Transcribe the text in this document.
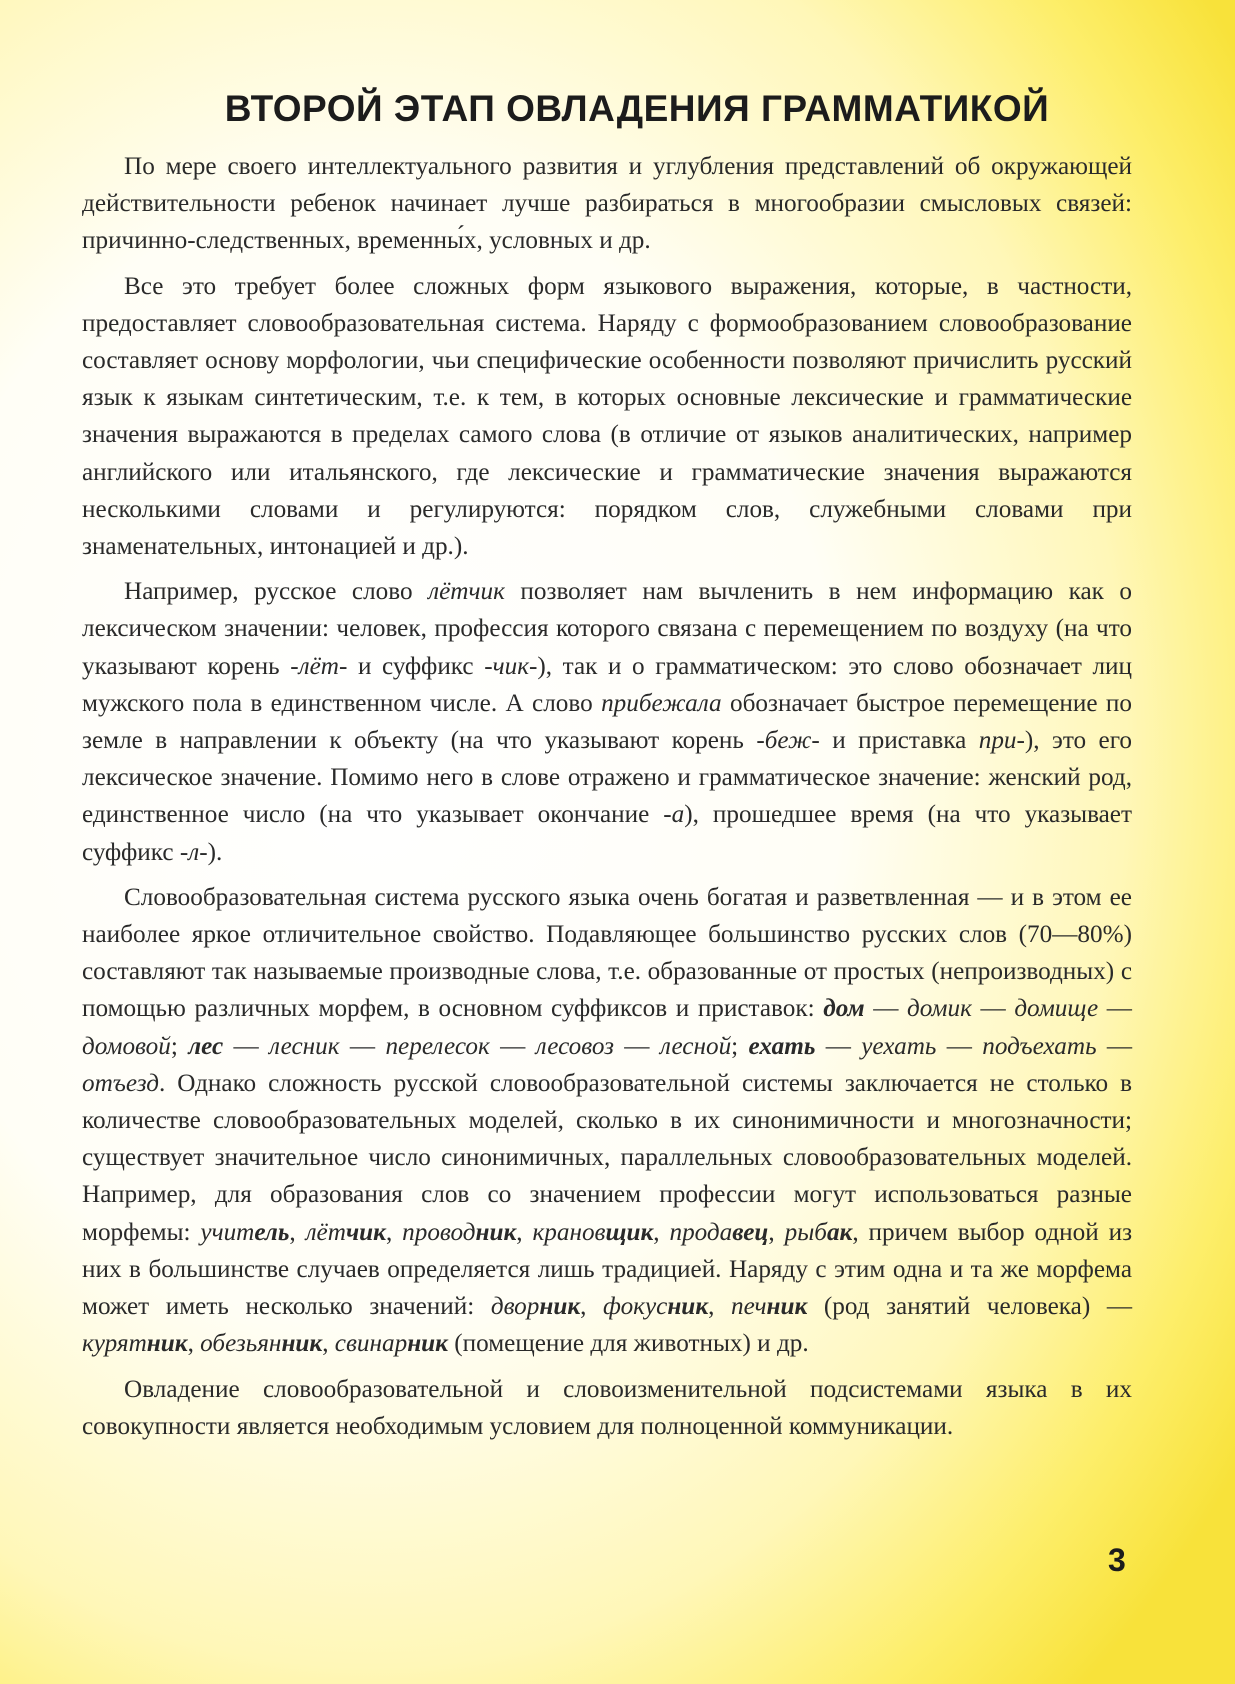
ВТОРОЙ ЭТАП ОВЛАДЕНИЯ ГРАММАТИКОЙ

По мере своего интеллектуального развития и углубления представлений об окружающей действительности ребенок начинает лучше разбираться в многообразии смысловых связей: причинно-следственных, временны́х, условных и др.

Все это требует более сложных форм языкового выражения, которые, в частности, предоставляет словообразовательная система. Наряду с формообразованием словообразование составляет основу морфологии, чьи специфические особенности позволяют причислить русский язык к языкам синтетическим, т.е. к тем, в которых основные лексические и грамматические значения выражаются в пределах самого слова (в отличие от языков аналитических, например английского или итальянского, где лексические и грамматические значения выражаются несколькими словами и регулируются: порядком слов, служебными словами при знаменательных, интонацией и др.).

Например, русское слово лётчик позволяет нам вычленить в нем информацию как о лексическом значении: человек, профессия которого связана с перемещением по воздуху (на что указывают корень -лёт- и суффикс -чик-), так и о грамматическом: это слово обозначает лиц мужского пола в единственном числе. А слово прибежала обозначает быстрое перемещение по земле в направлении к объекту (на что указывают корень -беж- и приставка при-), это его лексическое значение. Помимо него в слове отражено и грамматическое значение: женский род, единственное число (на что указывает окончание -а), прошедшее время (на что указывает суффикс -л-).

Словообразовательная система русского языка очень богатая и разветвленная — и в этом ее наиболее яркое отличительное свойство. Подавляющее большинство русских слов (70—80%) составляют так называемые производные слова, т.е. образованные от простых (непроизводных) с помощью различных морфем, в основном суффиксов и приставок: дом — домик — домище — домовой; лес — лесник — перелесок — лесовоз — лесной; ехать — уехать — подъехать — отъезд. Однако сложность русской словообразовательной системы заключается не столько в количестве словообразовательных моделей, сколько в их синонимичности и многозначности; существует значительное число синонимичных, параллельных словообразовательных моделей. Например, для образования слов со значением профессии могут использоваться разные морфемы: учитель, лётчик, проводник, крановщик, продавец, рыбак, причем выбор одной из них в большинстве случаев определяется лишь традицией. Наряду с этим одна и та же морфема может иметь несколько значений: дворник, фокусник, печник (род занятий человека) — курятник, обезьянник, свинарник (помещение для животных) и др.

Овладение словообразовательной и словоизменительной подсистемами языка в их совокупности является необходимым условием для полноценной коммуникации.

3
